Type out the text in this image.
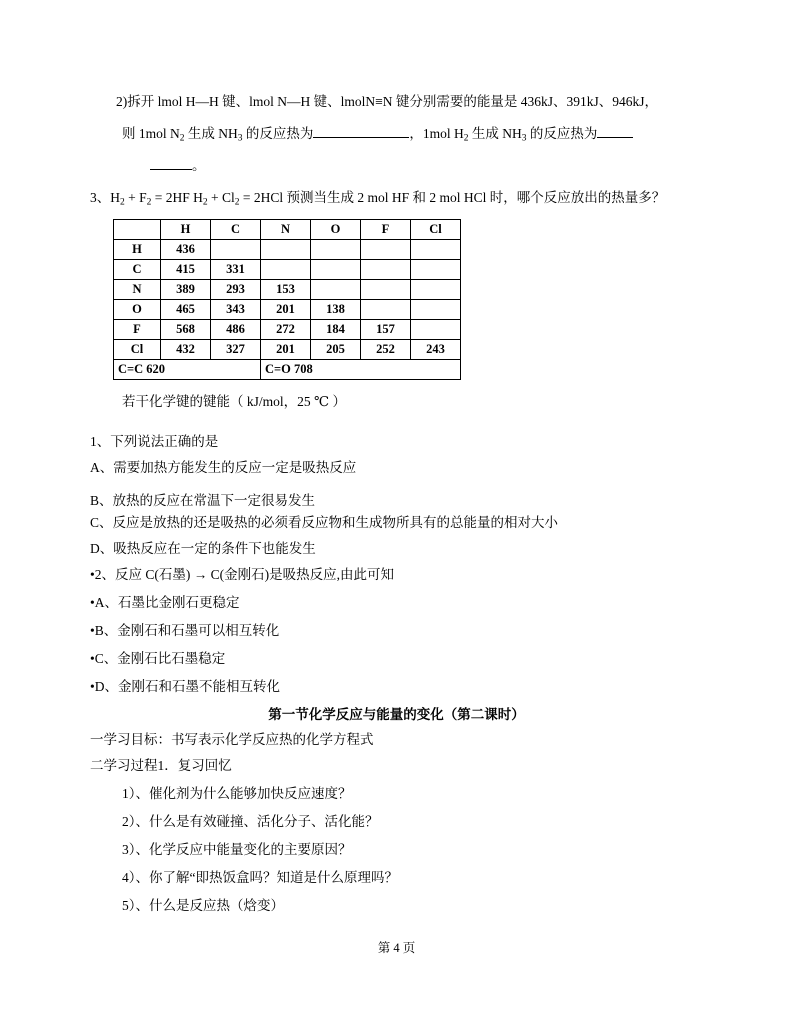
2)拆开 lmol H—H 键、lmol N—H 键、lmolN≡N 键分别需要的能量是 436kJ、391kJ、946kJ，
则 1mol $N_2$ 生成 $NH_3$ 的反应热为	，1mol $H_2$ 生成 $NH_3$ 的反应热为
。
3、$H_2 + F_2 = 2HF$ $H_2 + Cl_2 = 2HCl$ 预测当生成 2 mol HF 和 2 mol HCl 时，哪个反应放出的热量多？
	H	C	N	O	F	Cl
H	436					
C	415	331				
N	389	293	153			
O	465	343	201	138		
F	568	486	272	184	157	
Cl	432	327	201	205	252	243
C=C 620			C=O 708			
若干化学键的键能（ kJ/mol，25 ℃ ）
1、下列说法正确的是
A、需要加热方能发生的反应一定是吸热反应
B、放热的反应在常温下一定很易发生
C、反应是放热的还是吸热的必须看反应物和生成物所具有的总能量的相对大小
D、吸热反应在一定的条件下也能发生
•2、反应 C(石墨) → C(金刚石)是吸热反应,由此可知
•A、石墨比金刚石更稳定
•B、金刚石和石墨可以相互转化
•C、金刚石比石墨稳定
•D、金刚石和石墨不能相互转化
第一节化学反应与能量的变化（第二课时）
一学习目标：书写表示化学反应热的化学方程式
二学习过程1．复习回忆
1）、催化剂为什么能够加快反应速度？
2）、什么是有效碰撞、活化分子、活化能？
3）、化学反应中能量变化的主要原因？
4）、你了解“即热饭盒吗？知道是什么原理吗？
5）、什么是反应热（焓变）
第 4 页
